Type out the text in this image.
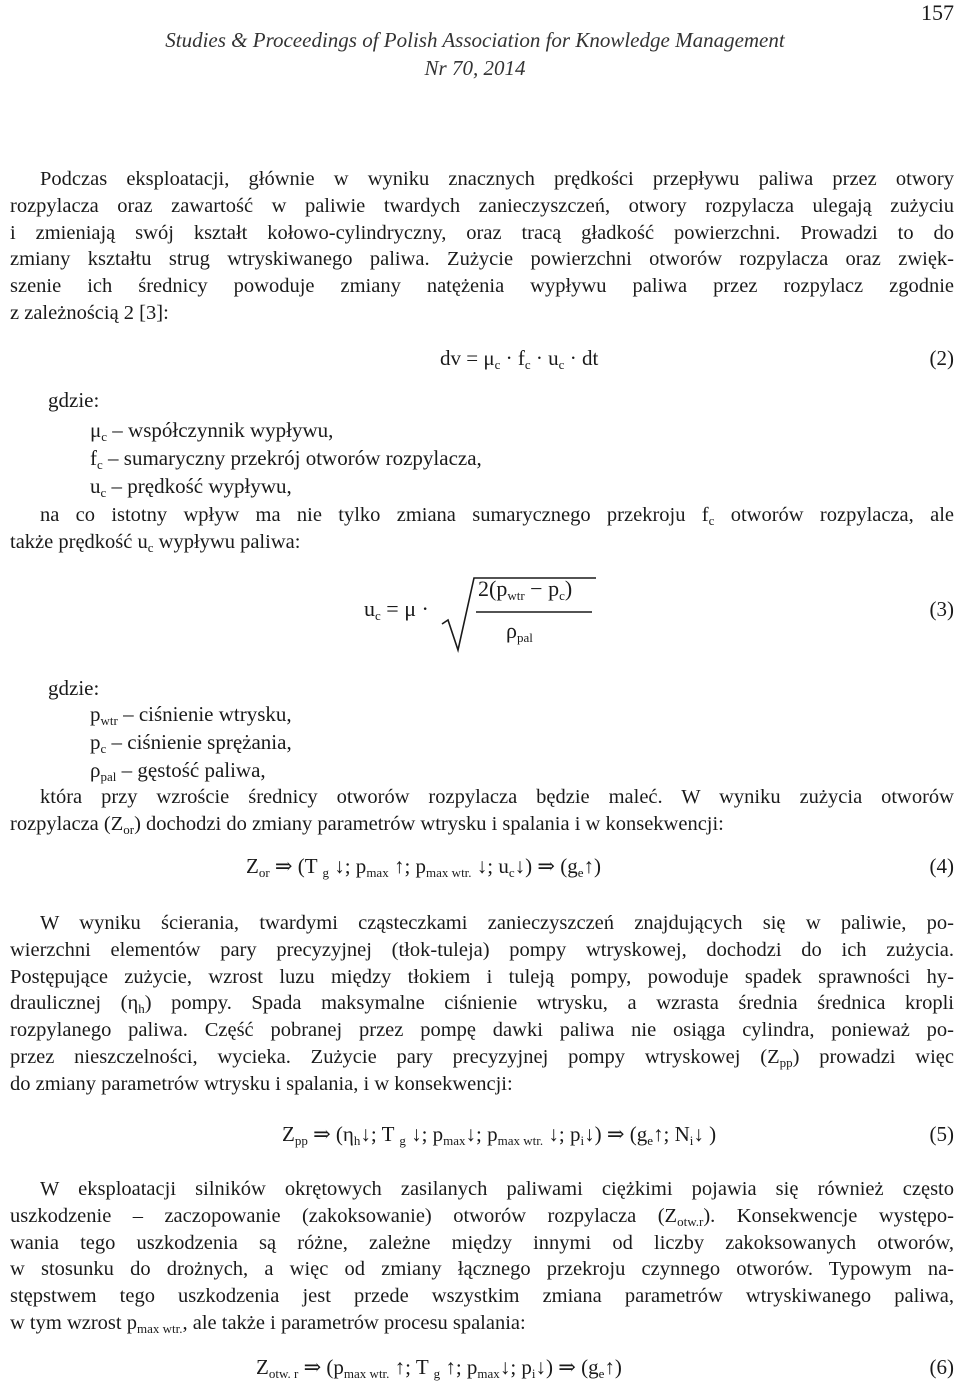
157
Studies & Proceedings of Polish Association for Knowledge Management
Nr 70, 2014
Podczas eksploatacji, głównie w wyniku znacznych prędkości przepływu paliwa przez otwory
rozpylacza oraz zawartość w paliwie twardych zanieczyszczeń, otwory rozpylacza ulegają zużyciu
i zmieniają swój kształt kołowo-cylindryczny, oraz tracą gładkość powierzchni. Prowadzi to do
zmiany kształtu strug wtryskiwanego paliwa. Zużycie powierzchni otworów rozpylacza oraz zwięk-
szenie ich średnicy powoduje zmiany natężenia wypływu paliwa przez rozpylacz zgodnie
z zależnością 2 [3]:
dv = $\mu_c \cdot f_c \cdot u_c$ · dt	(2)
gdzie:
$\mu_c$ – współczynnik wypływu,
$f_c$ – sumaryczny przekrój otworów rozpylacza,
$u_c$ – prędkość wypływu,
na co istotny wpływ ma nie tylko zmiana sumarycznego przekroju $f_c$ otworów rozpylacza, ale
także prędkość $u_c$ wypływu paliwa:
$u_c = \mu$ ·
$2(p_{wtr} - p_c)$
$\rho_{pal}$
(3)
gdzie:
$p_{wtr}$ – ciśnienie wtrysku,
$p_c$ – ciśnienie sprężania,
$\rho_{pal}$ – gęstość paliwa,
która przy wzroście średnicy otworów rozpylacza będzie maleć. W wyniku zużycia otworów
rozpylacza $(Z_{or})$ dochodzi do zmiany parametrów wtrysku i spalania i w konsekwencji:
$Z_{or}$ ⇒ (T $_g$ ↓; $p_{max}$ ↑; $p_{max wtr.}$ ↓; $u_c↓$) ⇒ $(g_e↑)$	(4)
W wyniku ścierania, twardymi cząsteczkami zanieczyszczeń znajdujących się w paliwie, po-
wierzchni elementów pary precyzyjnej (tłok-tuleja) pompy wtryskowej, dochodzi do ich zużycia.
Postępujące zużycie, wzrost luzu między tłokiem i tuleją pompy, powoduje spadek sprawności hy-
draulicznej $(\eta_h)$ pompy. Spada maksymalne ciśnienie wtrysku, a wzrasta średnia średnica kropli
rozpylanego paliwa. Część pobranej przez pompę dawki paliwa nie osiąga cylindra, ponieważ po-
przez nieszczelności, wycieka. Zużycie pary precyzyjnej pompy wtryskowej $(Z_{pp})$ prowadzi więc
do zmiany parametrów wtrysku i spalania, i w konsekwencji:
$Z_{pp}$ ⇒ ($\eta_h↓$; T $_g$ ↓; $p_{max}↓$; $p_{max wtr.}$ ↓; $p_i↓$) ⇒ ($g_e↑$; $N_i↓$ )	(5)
W eksploatacji silników okrętowych zasilanych paliwami ciężkimi pojawia się również często
uszkodzenie – zaczopowanie (zakoksowanie) otworów rozpylacza $(Z_{otw.r})$. Konsekwencje występo-
wania tego uszkodzenia są różne, zależne między innymi od liczby zakoksowanych otworów,
w stosunku do drożnych, a więc od zmiany łącznego przekroju czynnego otworów. Typowym na-
stępstwem tego uszkodzenia jest przede wszystkim zmiana parametrów wtryskiwanego paliwa,
w tym wzrost $p_{max wtr.}$, ale także i parametrów procesu spalania:
$Z_{otw. r}$ ⇒ ($p_{max wtr.}$ ↑; T $_g$ ↑; $p_{max}↓$; $p_i↓$) ⇒ $(g_e↑)$	(6)
